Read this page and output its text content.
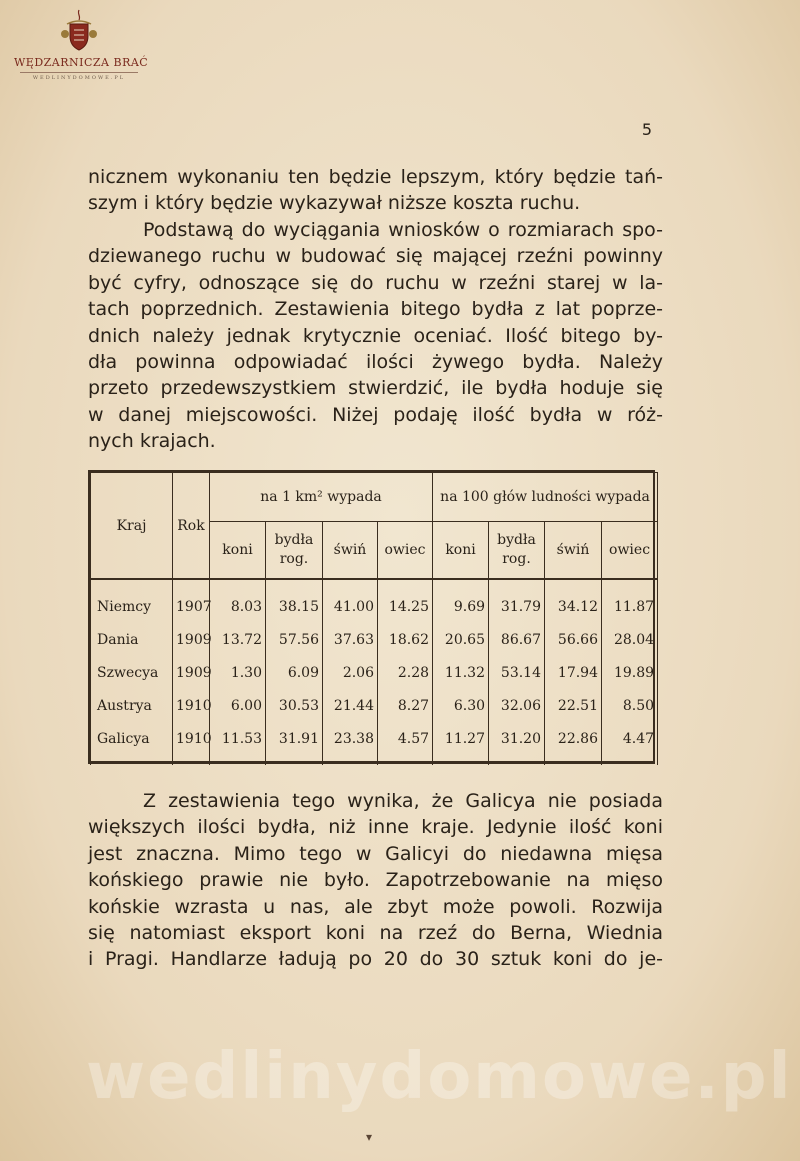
WĘDZARNICZA BRAĆ
WEDLINYDOMOWE.PL
5
nicznem wykonaniu ten będzie lepszym, który będzie tań-
szym i który będzie wykazywał niższe koszta ruchu.
Podstawą do wyciągania wniosków o rozmiarach spo-
dziewanego ruchu w budować się mającej rzeźni powinny
być cyfry, odnoszące się do ruchu w rzeźni starej w la-
tach poprzednich. Zestawienia bitego bydła z lat poprze-
dnich należy jednak krytycznie oceniać. Ilość bitego by-
dła powinna odpowiadać ilości żywego bydła. Należy
przeto przedewszystkiem stwierdzić, ile bydła hoduje się
w danej miejscowości. Niżej podaję ilość bydła w róż-
nych krajach.
Kraj	Rok	na 1 km² wypada				na 100 głów ludności wypada			
		koni	bydła rog.	świń	owiec	koni	bydła rog.	świń	owiec
Niemcy	1907	8.03	38.15	41.00	14.25	9.69	31.79	34.12	11.87
Dania	1909	13.72	57.56	37.63	18.62	20.65	86.67	56.66	28.04
Szwecya	1909	1.30	6.09	2.06	2.28	11.32	53.14	17.94	19.89
Austrya	1910	6.00	30.53	21.44	8.27	6.30	32.06	22.51	8.50
Galicya	1910	11.53	31.91	23.38	4.57	11.27	31.20	22.86	4.47
Z zestawienia tego wynika, że Galicya nie posiada
większych ilości bydła, niż inne kraje. Jedynie ilość koni
jest znaczna. Mimo tego w Galicyi do niedawna mięsa
końskiego prawie nie było. Zapotrzebowanie na mięso
końskie wzrasta u nas, ale zbyt może powoli. Rozwija
się natomiast eksport koni na rzeź do Berna, Wiednia
i Pragi. Handlarze ładują po 20 do 30 sztuk koni do je-
wedlinydomowe.pl
▾
